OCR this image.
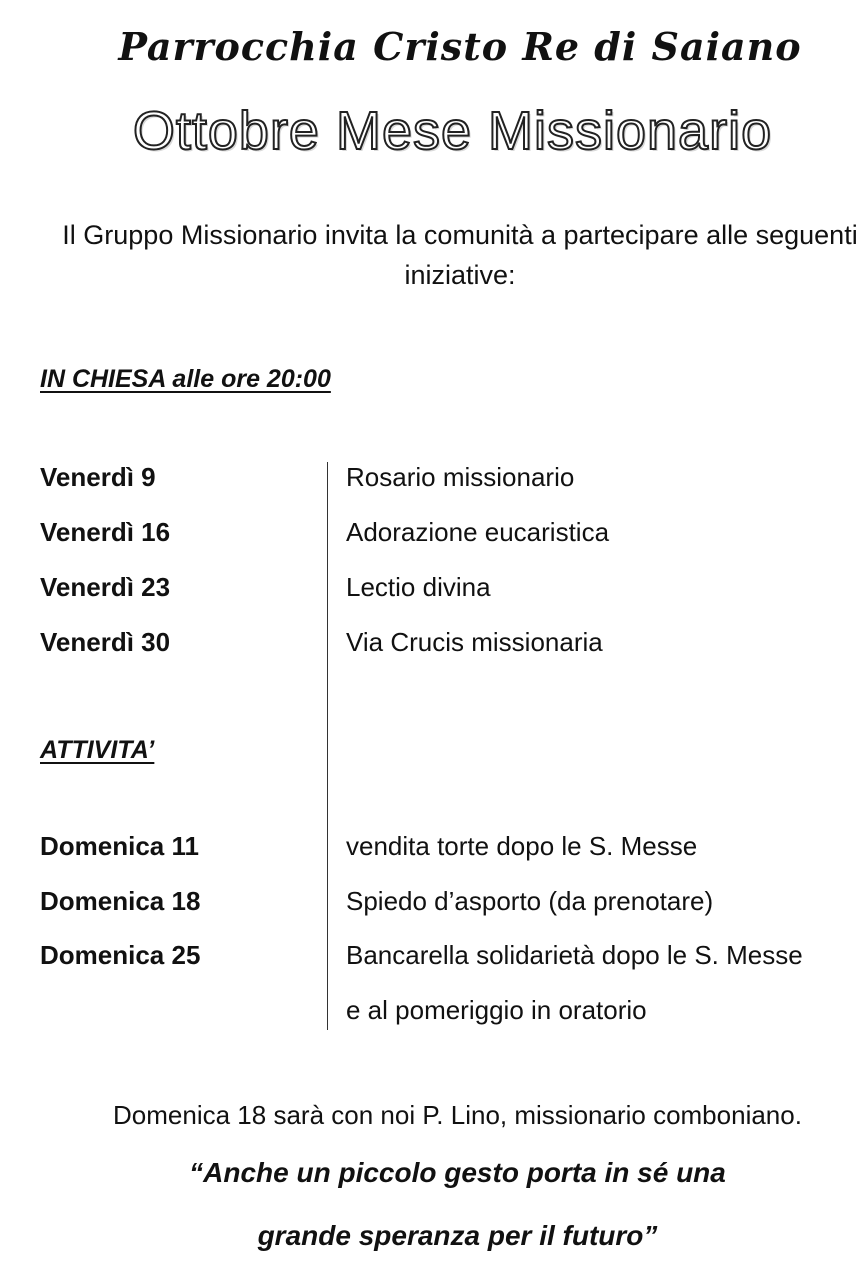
Parrocchia Cristo Re di Saiano
Ottobre Mese Missionario
Il Gruppo Missionario invita la comunità a partecipare alle seguenti iniziative:
IN CHIESA alle ore 20:00
Venerdì 9	Rosario missionario
Venerdì 16	Adorazione eucaristica
Venerdì 23	Lectio divina
Venerdì 30	Via Crucis missionaria
ATTIVITA’
Domenica 11	vendita torte dopo le S. Messe
Domenica 18	Spiedo d’asporto (da prenotare)
Domenica 25	Bancarella solidarietà dopo le S. Messe
e al pomeriggio in oratorio
Domenica 18 sarà con noi P. Lino, missionario comboniano.
“Anche un piccolo gesto porta in sé una
grande speranza per il futuro”
